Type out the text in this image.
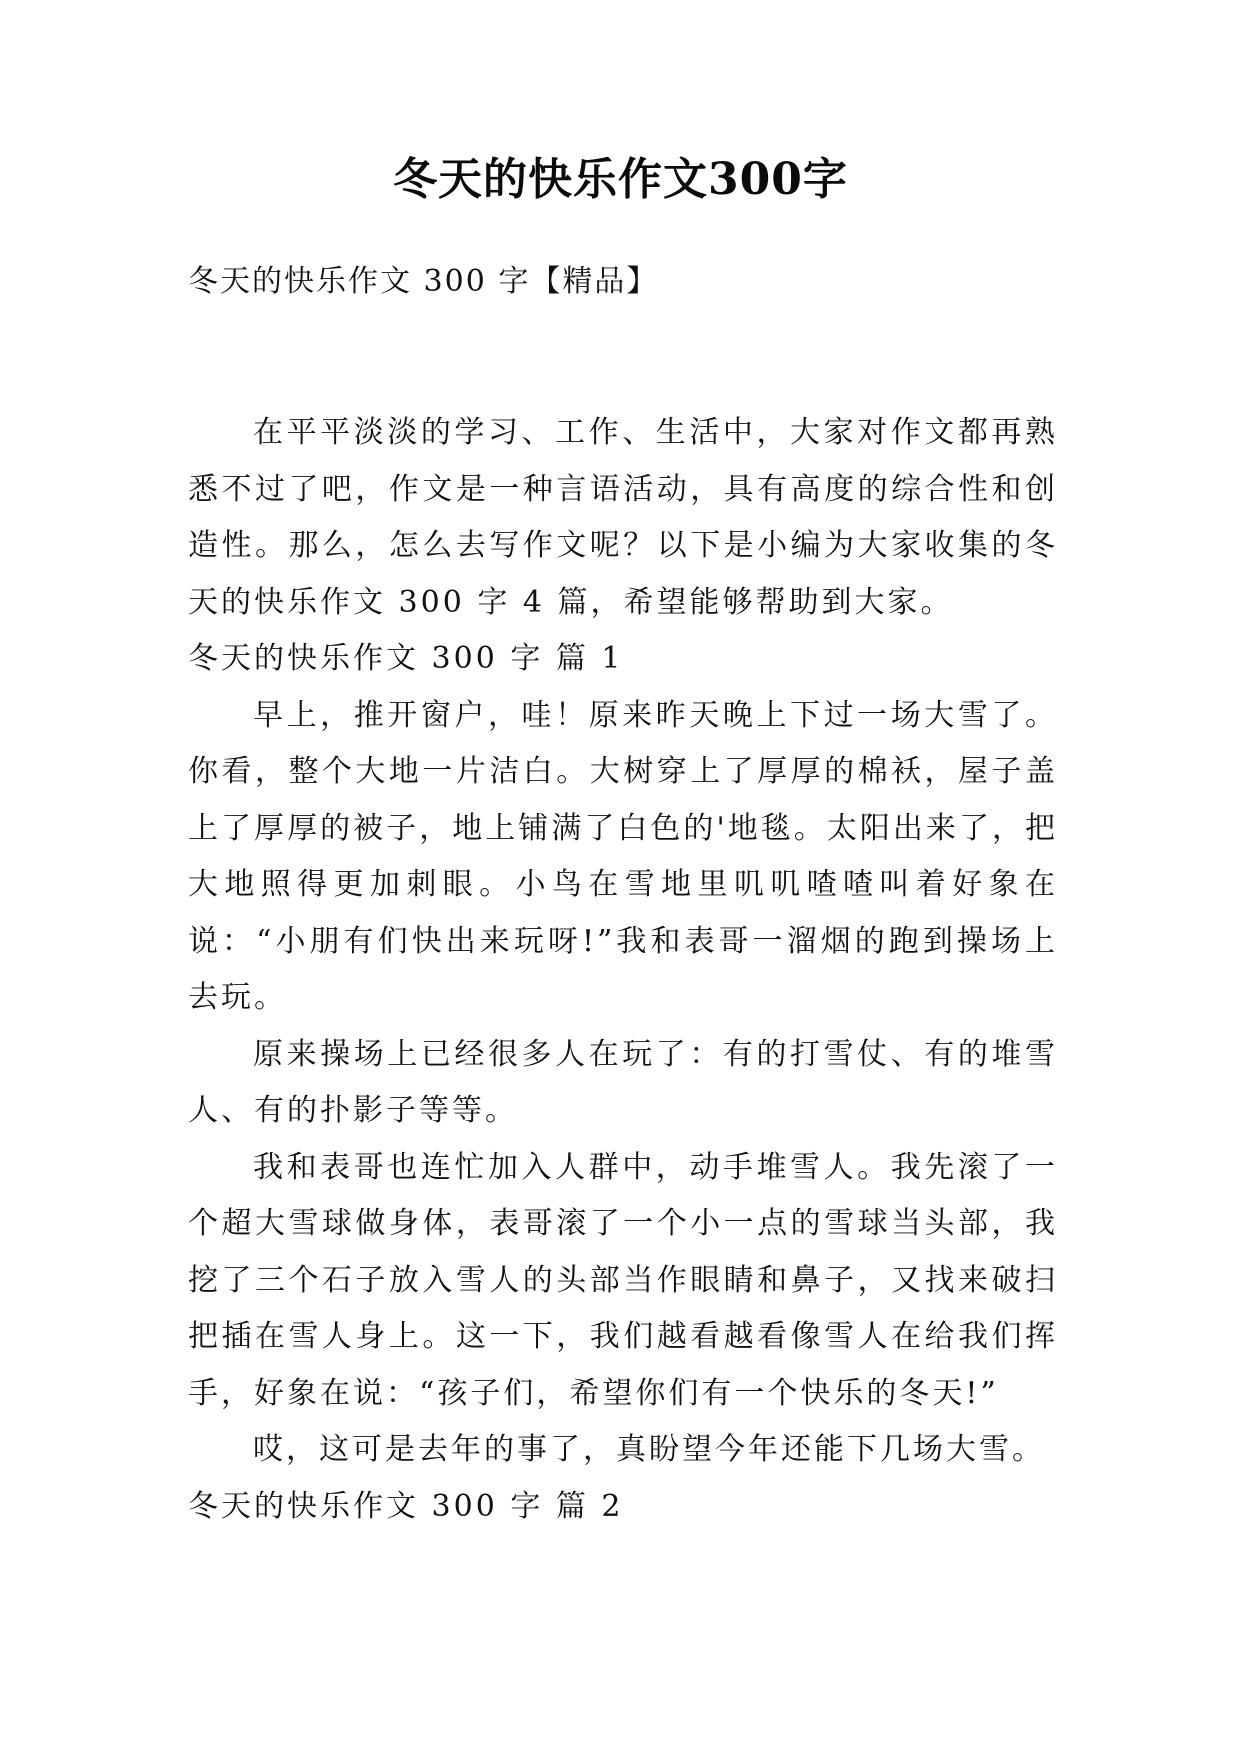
冬天的快乐作文300字
冬天的快乐作文 300 字【精品】

在平平淡淡的学习、工作、生活中，大家对作文都再熟悉不过了吧，作文是一种言语活动，具有高度的综合性和创造性。那么，怎么去写作文呢？以下是小编为大家收集的冬天的快乐作文 300 字 4 篇，希望能够帮助到大家。

冬天的快乐作文 300 字 篇 1

早上，推开窗户，哇！原来昨天晚上下过一场大雪了。你看，整个大地一片洁白。大树穿上了厚厚的棉袄，屋子盖上了厚厚的被子，地上铺满了白色的'地毯。太阳出来了，把大地照得更加刺眼。小鸟在雪地里叽叽喳喳叫着好象在说：“小朋有们快出来玩呀!”我和表哥一溜烟的跑到操场上去玩。

原来操场上已经很多人在玩了：有的打雪仗、有的堆雪人、有的扑影子等等。

我和表哥也连忙加入人群中，动手堆雪人。我先滚了一个超大雪球做身体，表哥滚了一个小一点的雪球当头部，我挖了三个石子放入雪人的头部当作眼睛和鼻子，又找来破扫把插在雪人身上。这一下，我们越看越看像雪人在给我们挥手，好象在说：“孩子们，希望你们有一个快乐的冬天!”

哎，这可是去年的事了，真盼望今年还能下几场大雪。

冬天的快乐作文 300 字 篇 2
